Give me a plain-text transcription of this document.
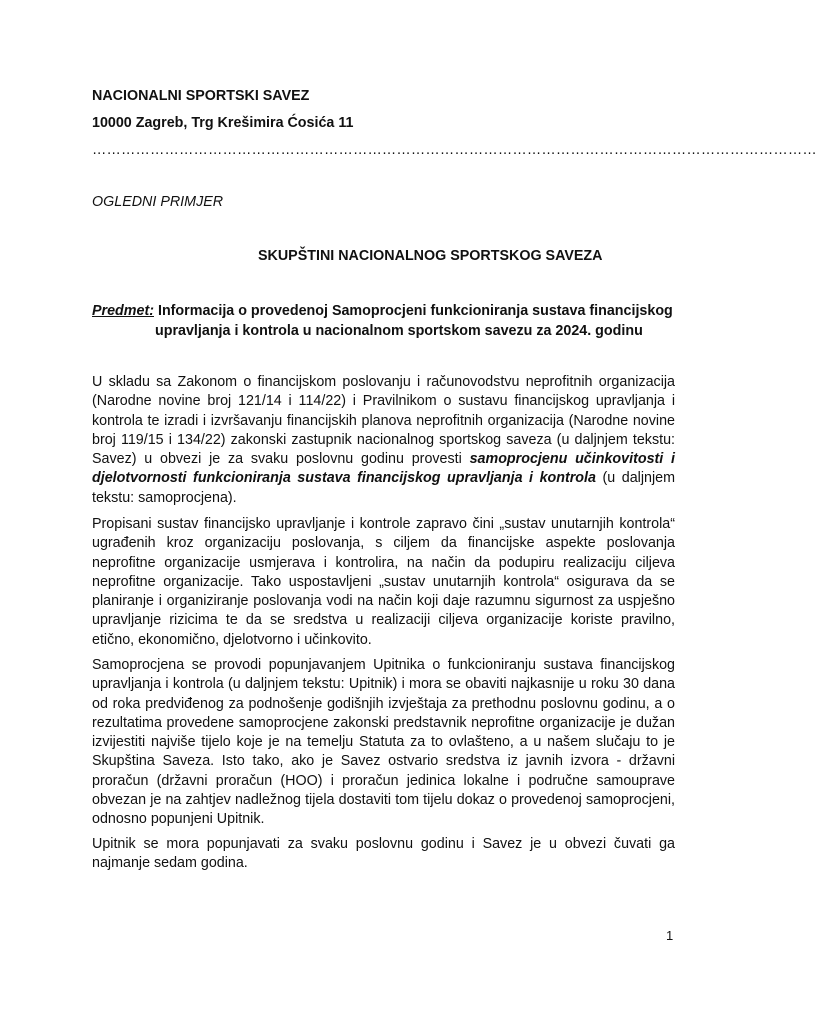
NACIONALNI SPORTSKI SAVEZ

10000 Zagreb, Trg Krešimira Ćosića 11

……………………………………………………………………………………………………………………………………

OGLEDNI PRIMJER

SKUPŠTINI NACIONALNOG SPORTSKOG SAVEZA

Predmet: Informacija o provedenoj Samoprocjeni funkcioniranja sustava financijskog
upravljanja i kontrola u nacionalnom sportskom savezu za 2024. godinu

U skladu sa Zakonom o financijskom poslovanju i računovodstvu neprofitnih organizacija (Narodne novine broj 121/14 i 114/22) i Pravilnikom o sustavu financijskog upravljanja i kontrola te izradi i izvršavanju financijskih planova neprofitnih organizacija (Narodne novine broj 119/15 i 134/22) zakonski zastupnik nacionalnog sportskog saveza (u daljnjem tekstu: Savez) u obvezi je za svaku poslovnu godinu provesti samoprocjenu učinkovitosti i djelotvornosti funkcioniranja sustava financijskog upravljanja i kontrola (u daljnjem tekstu: samoprocjena).

Propisani sustav financijsko upravljanje i kontrole zapravo čini „sustav unutarnjih kontrola“ ugrađenih kroz organizaciju poslovanja, s ciljem da financijske aspekte poslovanja neprofitne organizacije usmjerava i kontrolira, na način da podupiru realizaciju ciljeva neprofitne organizacije. Tako uspostavljeni „sustav unutarnjih kontrola“ osigurava da se planiranje i organiziranje poslovanja vodi na način koji daje razumnu sigurnost za uspješno upravljanje rizicima te da se sredstva u realizaciji ciljeva organizacije koriste pravilno, etično, ekonomično, djelotvorno i učinkovito.

Samoprocjena se provodi popunjavanjem Upitnika o funkcioniranju sustava financijskog upravljanja i kontrola (u daljnjem tekstu: Upitnik) i mora se obaviti najkasnije u roku 30 dana od roka predviđenog za podnošenje godišnjih izvještaja za prethodnu poslovnu godinu, a o rezultatima provedene samoprocjene zakonski predstavnik neprofitne organizacije je dužan izvijestiti najviše tijelo koje je na temelju Statuta za to ovlašteno, a u našem slučaju to je Skupština Saveza. Isto tako, ako je Savez ostvario sredstva iz javnih izvora - državni proračun (državni proračun (HOO) i proračun jedinica lokalne i područne samouprave obvezan je na zahtjev nadležnog tijela dostaviti tom tijelu dokaz o provedenoj samoprocjeni, odnosno popunjeni Upitnik.

Upitnik se mora popunjavati za svaku poslovnu godinu i Savez je u obvezi čuvati ga najmanje sedam godina.

1
